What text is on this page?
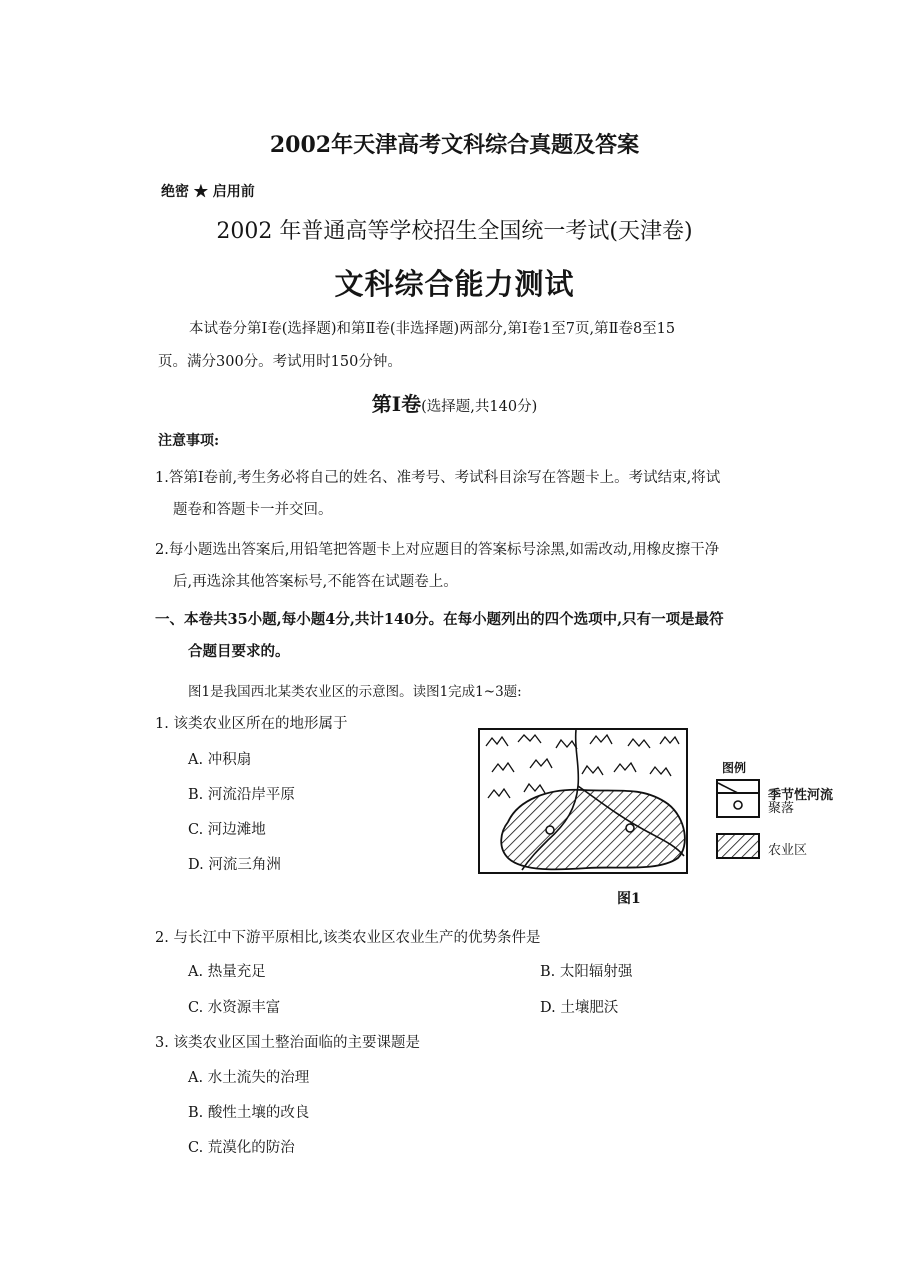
2002年天津高考文科综合真题及答案
绝密 ★ 启用前
2002 年普通高等学校招生全国统一考试(天津卷)
文科综合能力测试
本试卷分第Ⅰ卷(选择题)和第Ⅱ卷(非选择题)两部分,第Ⅰ卷1至7页,第Ⅱ卷8至15
页。满分300分。考试用时150分钟。
第Ⅰ卷(选择题,共140分)
注意事项:
1.答第Ⅰ卷前,考生务必将自己的姓名、准考号、考试科目涂写在答题卡上。考试结束,将试
题卷和答题卡一并交回。
2.每小题选出答案后,用铅笔把答题卡上对应题目的答案标号涂黑,如需改动,用橡皮擦干净
后,再选涂其他答案标号,不能答在试题卷上。
一、本卷共35小题,每小题4分,共计140分。在每小题列出的四个选项中,只有一项是最符
合题目要求的。
图1是我国西北某类农业区的示意图。读图1完成1~3题:
1. 该类农业区所在的地形属于
A. 冲积扇
B. 河流沿岸平原
C. 河边滩地
D. 河流三角洲
图例
季节性河流
聚落
农业区
图1
2. 与长江中下游平原相比,该类农业区农业生产的优势条件是
A. 热量充足	B. 太阳辐射强
C. 水资源丰富	D. 土壤肥沃
3. 该类农业区国土整治面临的主要课题是
A. 水土流失的治理
B. 酸性土壤的改良
C. 荒漠化的防治
